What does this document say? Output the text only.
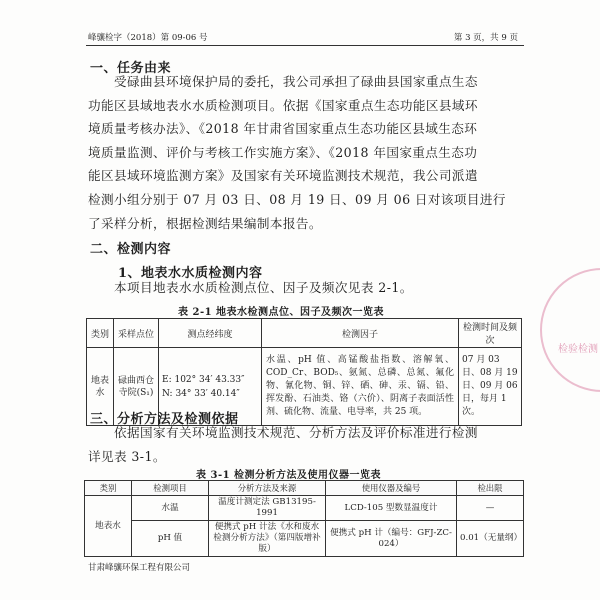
峰骧检字（2018）第 09-06 号	第 3 页，共 9 页
一、任务由来

受碌曲县环境保护局的委托，我公司承担了碌曲县国家重点生态

功能区县域地表水水质检测项目。依据《国家重点生态功能区县域环

境质量考核办法》、《2018 年甘肃省国家重点生态功能区县域生态环

境质量监测、评价与考核工作实施方案》、《2018 年国家重点生态功

能区县域环境监测方案》及国家有关环境监测技术规范，我公司派遣

检测小组分别于 07 月 03 日、08 月 19 日、09 月 06 日对该项目进行

了采样分析，根据检测结果编制本报告。

二、检测内容
1、地表水水质检测内容

本项目地表水水质检测点位、因子及频次见表 2-1。

表 2-1 地表水检测点位、因子及频次一览表
类别	采样点位	测点经纬度	检测因子	检测时间及频次
地表水	碌曲西仓寺院(S₁)	E: 102° 34′ 43.33″
N: 34° 33′ 40.14″	水温、pH 值、高锰酸盐指数、溶解氧、COD_Cr、BOD₅、氨氮、总磷、总氮、氟化物、氰化物、铜、锌、硒、砷、汞、镉、铅、挥发酚、石油类、铬（六价）、阴离子表面活性剂、硫化物、流量、电导率，共 25 项。	07 月 03 日、08 月 19 日、09 月 06 日，每月 1 次。
三、分析方法及检测依据

依据国家有关环境监测技术规范、分析方法及评价标准进行检测

详见表 3-1。

表 3-1 检测分析方法及使用仪器一览表
类别	检测项目	分析方法及来源	使用仪器及编号	检出限
地表水	水温	温度计测定法 GB13195-1991	LCD-105 型数显温度计	—
	pH 值	便携式 pH 计法《水和废水检测分析方法》（第四版增补版）	便携式 pH 计（编号：GFJ-ZC-024）	0.01（无量纲）
甘肃峰骧环保工程有限公司
检验检测
